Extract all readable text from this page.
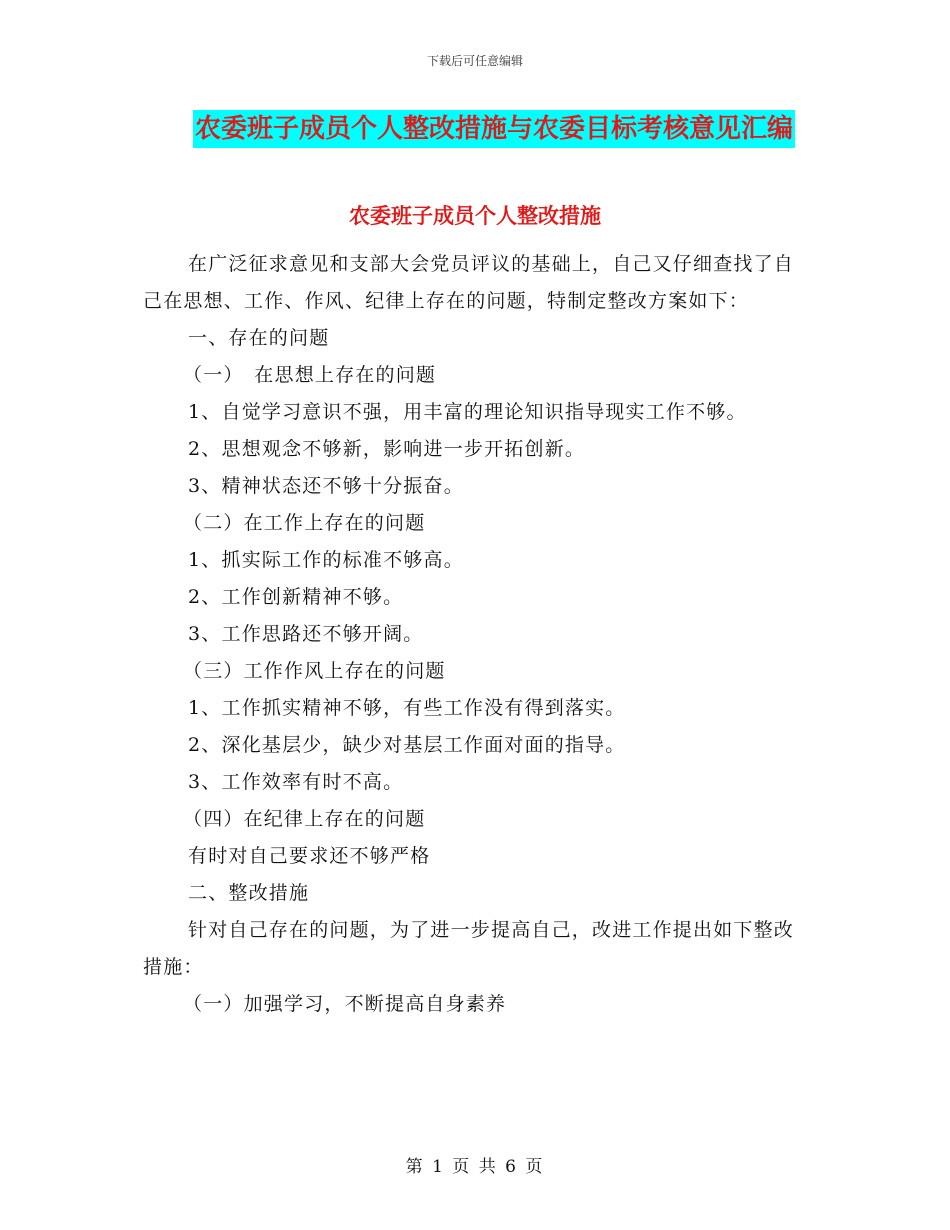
下载后可任意编辑
农委班子成员个人整改措施与农委目标考核意见汇编
农委班子成员个人整改措施

在广泛征求意见和支部大会党员评议的基础上，自己又仔细查找了自己在思想、工作、作风、纪律上存在的问题，特制定整改方案如下：

一、存在的问题

（一）　在思想上存在的问题

1、自觉学习意识不强，用丰富的理论知识指导现实工作不够。

2、思想观念不够新，影响进一步开拓创新。

3、精神状态还不够十分振奋。

（二）在工作上存在的问题

1、抓实际工作的标准不够高。

2、工作创新精神不够。

3、工作思路还不够开阔。

（三）工作作风上存在的问题

1、工作抓实精神不够，有些工作没有得到落实。

2、深化基层少，缺少对基层工作面对面的指导。

3、工作效率有时不高。

（四）在纪律上存在的问题

有时对自己要求还不够严格

二、整改措施

针对自己存在的问题，为了进一步提高自己，改进工作提出如下整改措施：

（一）加强学习，不断提高自身素养

第 1 页 共 6 页
